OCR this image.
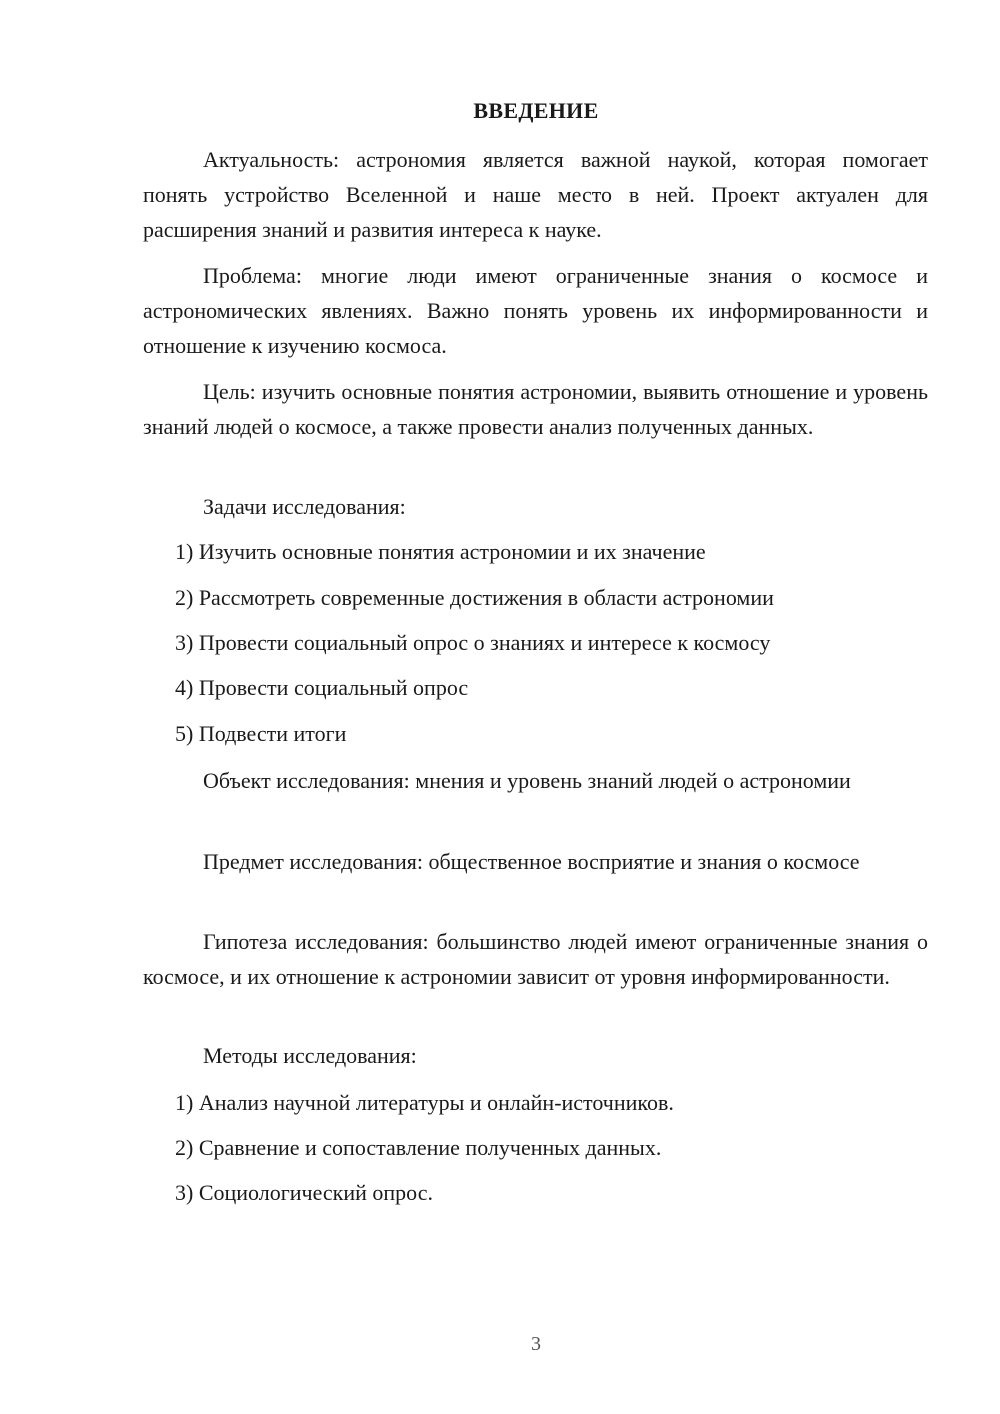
ВВЕДЕНИЕ

Актуальность: астрономия является важной наукой, которая помогает понять устройство Вселенной и наше место в ней. Проект актуален для расширения знаний и развития интереса к науке.

Проблема: многие люди имеют ограниченные знания о космосе и астрономических явлениях. Важно понять уровень их информированности и отношение к изучению космоса.

Цель: изучить основные понятия астрономии, выявить отношение и уровень знаний людей о космосе, а также провести анализ полученных данных.

Задачи исследования:
1) Изучить основные понятия астрономии и их значение
2) Рассмотреть современные достижения в области астрономии
3) Провести социальный опрос о знаниях и интересе к космосу
4) Провести социальный опрос
5) Подвести итоги

Объект исследования: мнения и уровень знаний людей о астрономии

Предмет исследования: общественное восприятие и знания о космосе

Гипотеза исследования: большинство людей имеют ограниченные знания о космосе, и их отношение к астрономии зависит от уровня информированности.

Методы исследования:
1) Анализ научной литературы и онлайн-источников.
2) Сравнение и сопоставление полученных данных.
3) Социологический опрос.
3
